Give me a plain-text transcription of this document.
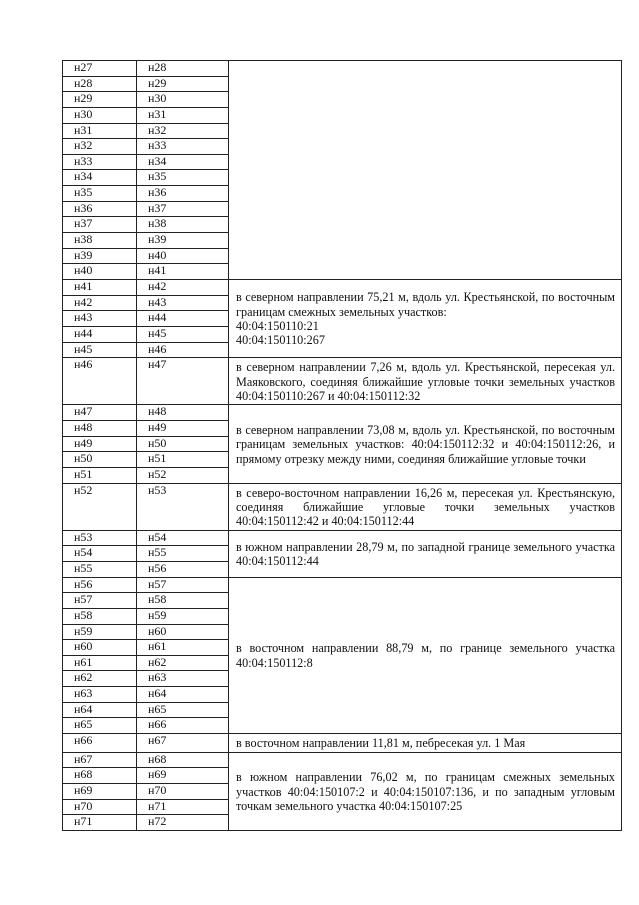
н27	н28	
н28	н29	
н29	н30	
н30	н31	
н31	н32	
н32	н33	
н33	н34	
н34	н35	
н35	н36	
н36	н37	
н37	н38	
н38	н39	
н39	н40	
н40	н41	
н41	н42	в северном направлении 75,21 м, вдоль ул. Крестьянской, по восточным границам смежных земельных участков:
40:04:150110:21
40:04:150110:267

н42	н43	
н43	н44	
н44	н45	
н45	н46	
н46	н47	в северном направлении 7,26 м, вдоль ул. Крестьянской, пересекая ул. Маяковского, соединяя ближайшие угловые точки земельных участков 40:04:150110:267 и 40:04:150112:32

н47	н48	в северном направлении 73,08 м, вдоль ул. Крестьянской, по восточным границам земельных участков: 40:04:150112:32 и 40:04:150112:26, и прямому отрезку между ними, соединяя ближайшие угловые точки

н48	н49	
н49	н50	
н50	н51	
н51	н52	
н52	н53	в северо-восточном направлении 16,26 м, пересекая ул. Крестьянскую, соединяя ближайшие угловые точки земельных участков 40:04:150112:42 и 40:04:150112:44

н53	н54	в южном направлении 28,79 м, по западной границе земельного участка 40:04:150112:44

н54	н55	
н55	н56	
н56	н57	в восточном направлении 88,79 м, по границе земельного участка 40:04:150112:8

н57	н58	
н58	н59	
н59	н60	
н60	н61	
н61	н62	
н62	н63	
н63	н64	
н64	н65	
н65	н66	
н66	н67	в восточном направлении 11,81 м, пебресекая ул. 1 Мая

н67	н68	в южном направлении 76,02 м, по границам смежных земельных участков 40:04:150107:2 и 40:04:150107:136, и по западным угловым точкам земельного участка 40:04:150107:25

н68	н69	
н69	н70	
н70	н71	
н71	н72	
